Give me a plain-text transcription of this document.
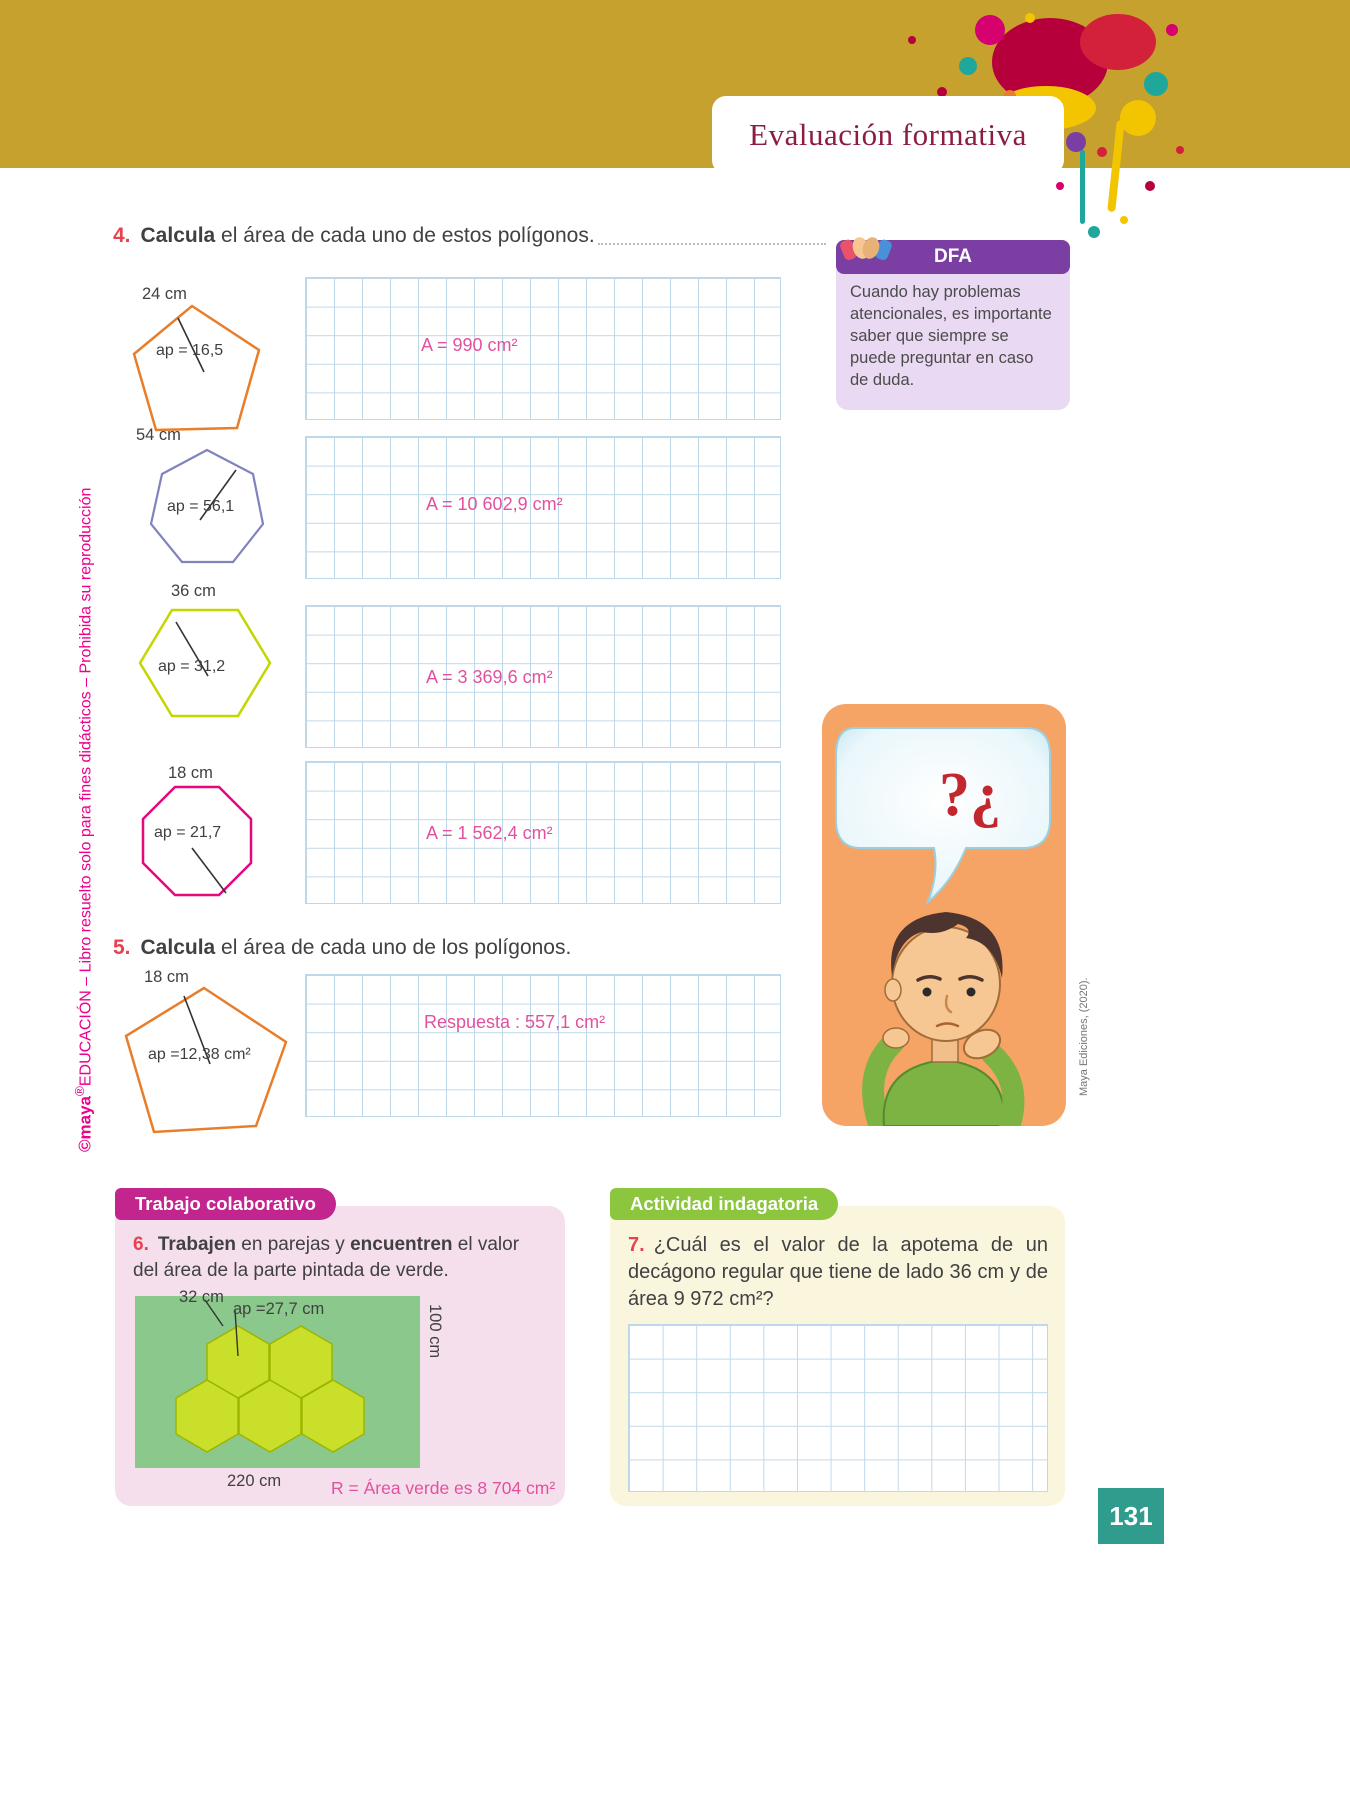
Evaluación formativa
©maya®EDUCACIÓN – Libro resuelto solo para fines didácticos – Prohibida su reproducción
4. Calcula el área de cada uno de estos polígonos.
DFA
Cuando hay problemas atencionales, es importante saber que siempre se puede preguntar en caso de duda.
24 cm
ap = 16,5	A = 990 cm²
54 cm
ap = 56,1	A = 10 602,9 cm²
36 cm
ap = 31,2
A = 3 369,6 cm²
18 cm
ap = 21,7	A = 1 562,4 cm²
?¿
Maya Ediciones, (2020).
5. Calcula el área de cada uno de los polígonos.
18 cm
ap =12,38 cm²
Respuesta : 557,1 cm²
Trabajo colaborativo
6. Trabajen en parejas y encuentren el valor del área de la parte pintada de verde.
32 cm
ap =27,7 cm	100 cm
220 cm	R = Área verde es 8 704 cm²
Actividad indagatoria
7. ¿Cuál es el valor de la apotema de un decágono regular que tiene de lado 36 cm y de área 9 972 cm²?
131
